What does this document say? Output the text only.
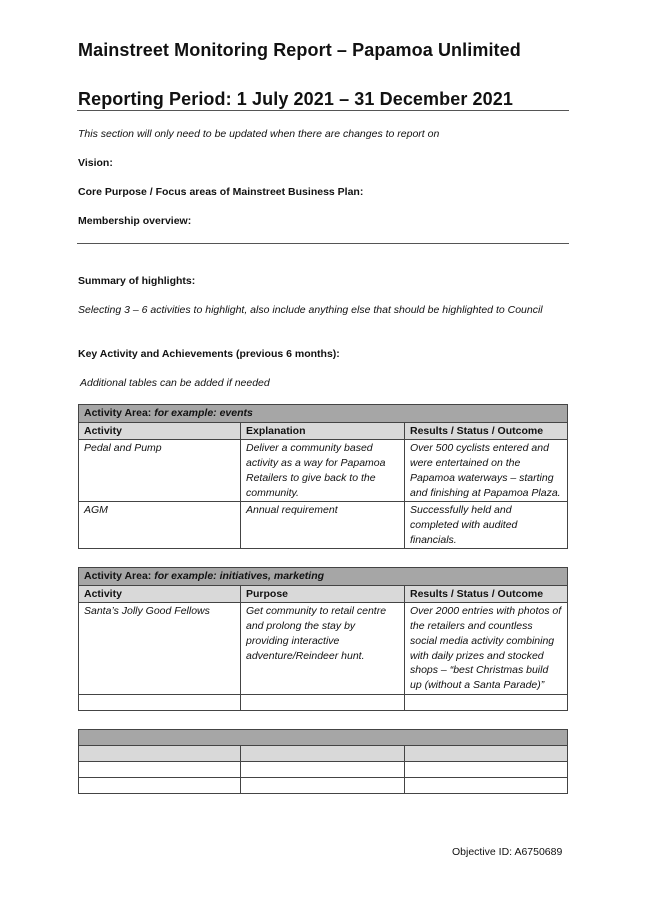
Mainstreet Monitoring Report – Papamoa Unlimited
Reporting Period: 1 July 2021 – 31 December 2021
This section will only need to be updated when there are changes to report on
Vision:
Core Purpose / Focus areas of Mainstreet Business Plan:
Membership overview:
Summary of highlights:
Selecting 3 – 6 activities to highlight, also include anything else that should be highlighted to Council
Key Activity and Achievements (previous 6 months):
Additional tables can be added if needed
Activity Area: for example: events		
Activity	Explanation	Results / Status / Outcome
Pedal and Pump	Deliver a community based activity as a way for Papamoa Retailers to give back to the community.	Over 500 cyclists entered and were entertained on the Papamoa waterways – starting and finishing at Papamoa Plaza.
AGM	Annual requirement	Successfully held and completed with audited financials.
Activity Area: for example: initiatives, marketing		
Activity	Purpose	Results / Status / Outcome
Santa’s Jolly Good Fellows	Get community to retail centre and prolong the stay by providing interactive adventure/Reindeer hunt.	Over 2000 entries with photos of the retailers and countless social media activity combining with daily prizes and stocked shops – “best Christmas build up (without a Santa Parade)”

Objective ID: A6750689
